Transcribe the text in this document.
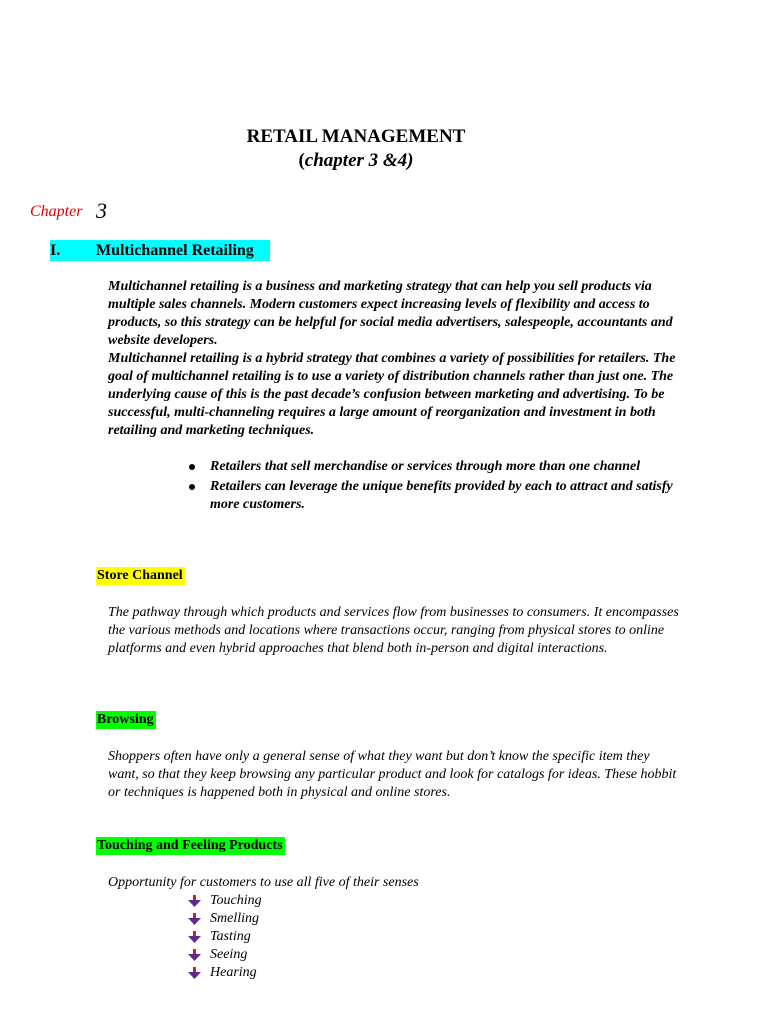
RETAIL MANAGEMENT
(chapter 3 &4)
Chapter 3
I. Multichannel Retailing

Multichannel retailing is a business and marketing strategy that can help you sell products via multiple sales channels. Modern customers expect increasing levels of flexibility and access to products, so this strategy can be helpful for social media advertisers, salespeople, accountants and website developers.

Multichannel retailing is a hybrid strategy that combines a variety of possibilities for retailers. The goal of multichannel retailing is to use a variety of distribution channels rather than just one. The underlying cause of this is the past decade’s confusion between marketing and advertising. To be successful, multi-channeling requires a large amount of reorganization and investment in both retailing and marketing techniques.

Retailers that sell merchandise or services through more than one channel
Retailers can leverage the unique benefits provided by each to attract and satisfy more customers.
Store Channel

The pathway through which products and services flow from businesses to consumers. It encompasses the various methods and locations where transactions occur, ranging from physical stores to online platforms and even hybrid approaches that blend both in-person and digital interactions.

Browsing

Shoppers often have only a general sense of what they want but don’t know the specific item they want, so that they keep browsing any particular product and look for catalogs for ideas. These hobbit or techniques is happened both in physical and online stores.

Touching and Feeling Products

Opportunity for customers to use all five of their senses

Touching
Smelling
Tasting
Seeing
Hearing
